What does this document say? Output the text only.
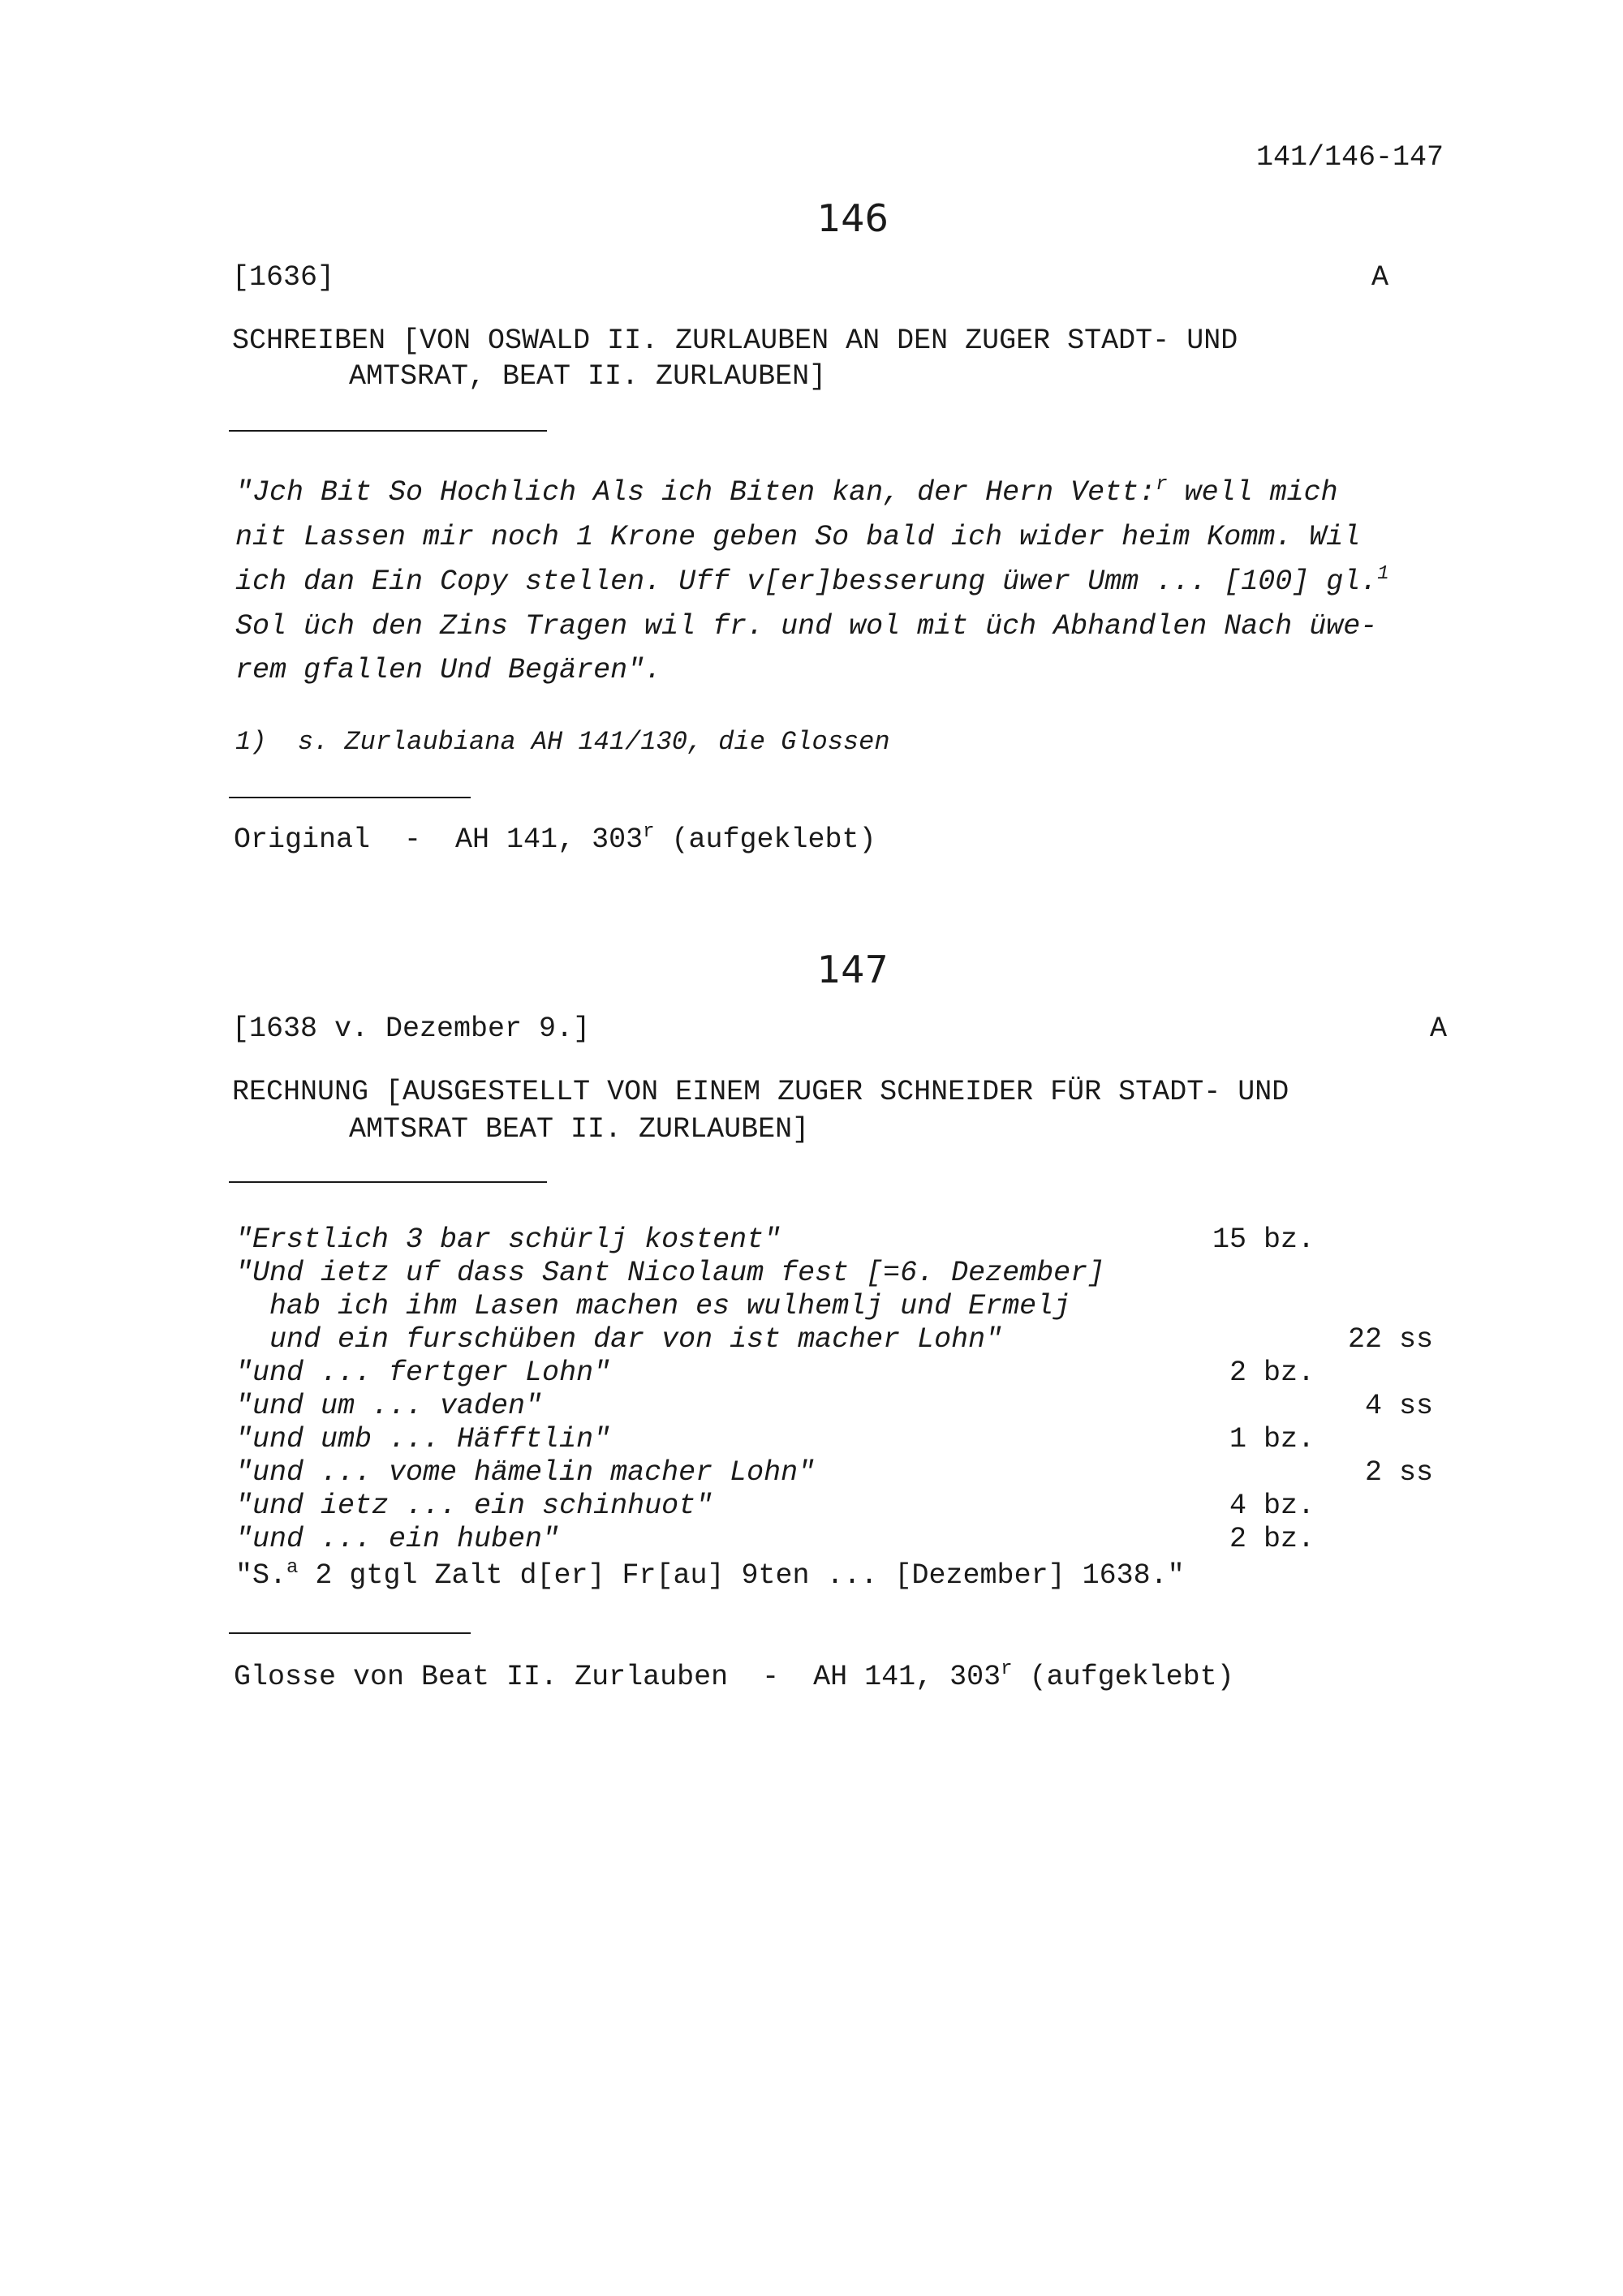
141/146-147
146
[1636]	A
SCHREIBEN [VON OSWALD II. ZURLAUBEN AN DEN ZUGER STADT- UND
AMTSRAT, BEAT II. ZURLAUBEN]
"Jch Bit So Hochlich Als ich Biten kan, der Hern Vett:$^r$ well mich
nit Lassen mir noch 1 Krone geben So bald ich wider heim Komm. Wil
ich dan Ein Copy stellen. Uff v[er]besserung üwer Umm ... [100] gl.$^1$
Sol üch den Zins Tragen wil fr. und wol mit üch Abhandlen Nach üwe-
rem gfallen Und Begären".
1)  s. Zurlaubiana AH 141/130, die Glossen
Original  -  AH 141, 303$^r$ (aufgeklebt)
147
[1638 v. Dezember 9.]	A
RECHNUNG [AUSGESTELLT VON EINEM ZUGER SCHNEIDER FÜR STADT- UND
AMTSRAT BEAT II. ZURLAUBEN]
"Erstlich 3 bar schürlj kostent"	15 bz.
"Und ietz uf dass Sant Nicolaum fest [=6. Dezember]
hab ich ihm Lasen machen es wulhemlj und Ermelj
und ein furschüben dar von ist macher Lohn"	22 ss
"und ... fertger Lohn"	2 bz.
"und um ... vaden"	4 ss
"und umb ... Häfftlin"	1 bz.
"und ... vome hämelin macher Lohn"	2 ss
"und ietz ... ein schinhuot"	4 bz.
"und ... ein huben"	2 bz.
"S.$^a$ 2 gtgl Zalt d[er] Fr[au] 9ten ... [Dezember] 1638."
Glosse von Beat II. Zurlauben  -  AH 141, 303$^r$ (aufgeklebt)
